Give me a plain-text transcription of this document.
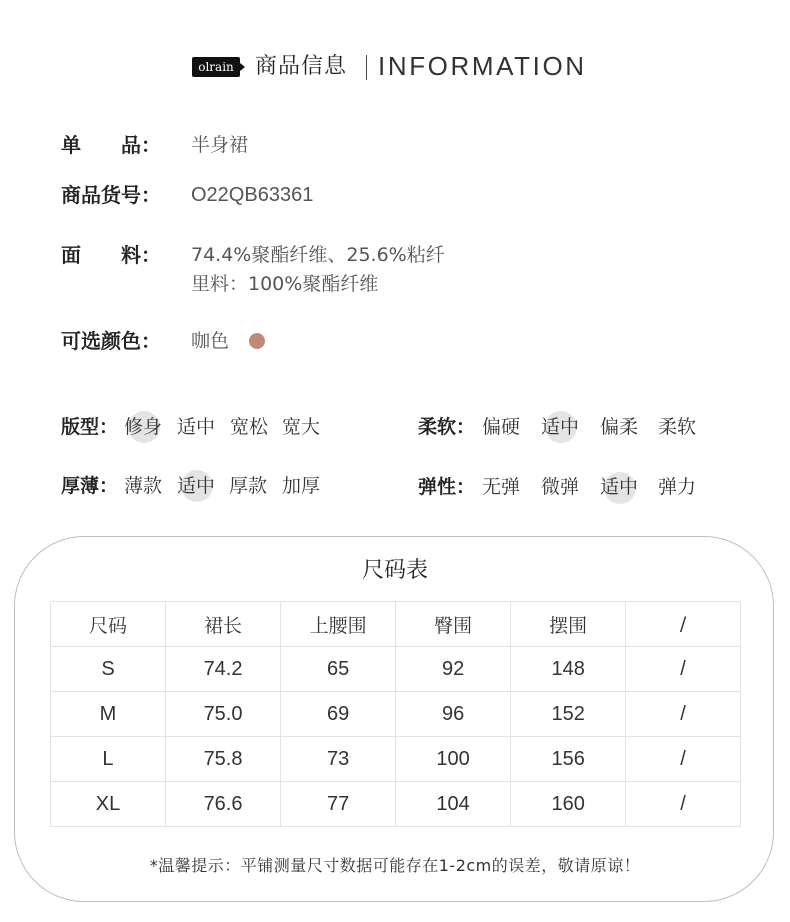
olrain 商品信息 INFORMATION
单　　品： 半身裙
商品货号： O22QB63361
面　　料： 74.4%聚酯纤维、25.6%粘纤
里料：100%聚酯纤维
可选颜色： 咖色
版型： 修身 适中 宽松 宽大	柔软： 偏硬 适中 偏柔 柔软
厚薄： 薄款 适中 厚款 加厚	弹性： 无弹 微弹 适中 弹力
尺码表
尺码	裙长	上腰围	臀围	摆围	/
S	74.2	65	92	148	/
M	75.0	69	96	152	/
L	75.8	73	100	156	/
XL	76.6	77	104	160	/
*温馨提示：平铺测量尺寸数据可能存在1-2cm的误差，敬请原谅！
